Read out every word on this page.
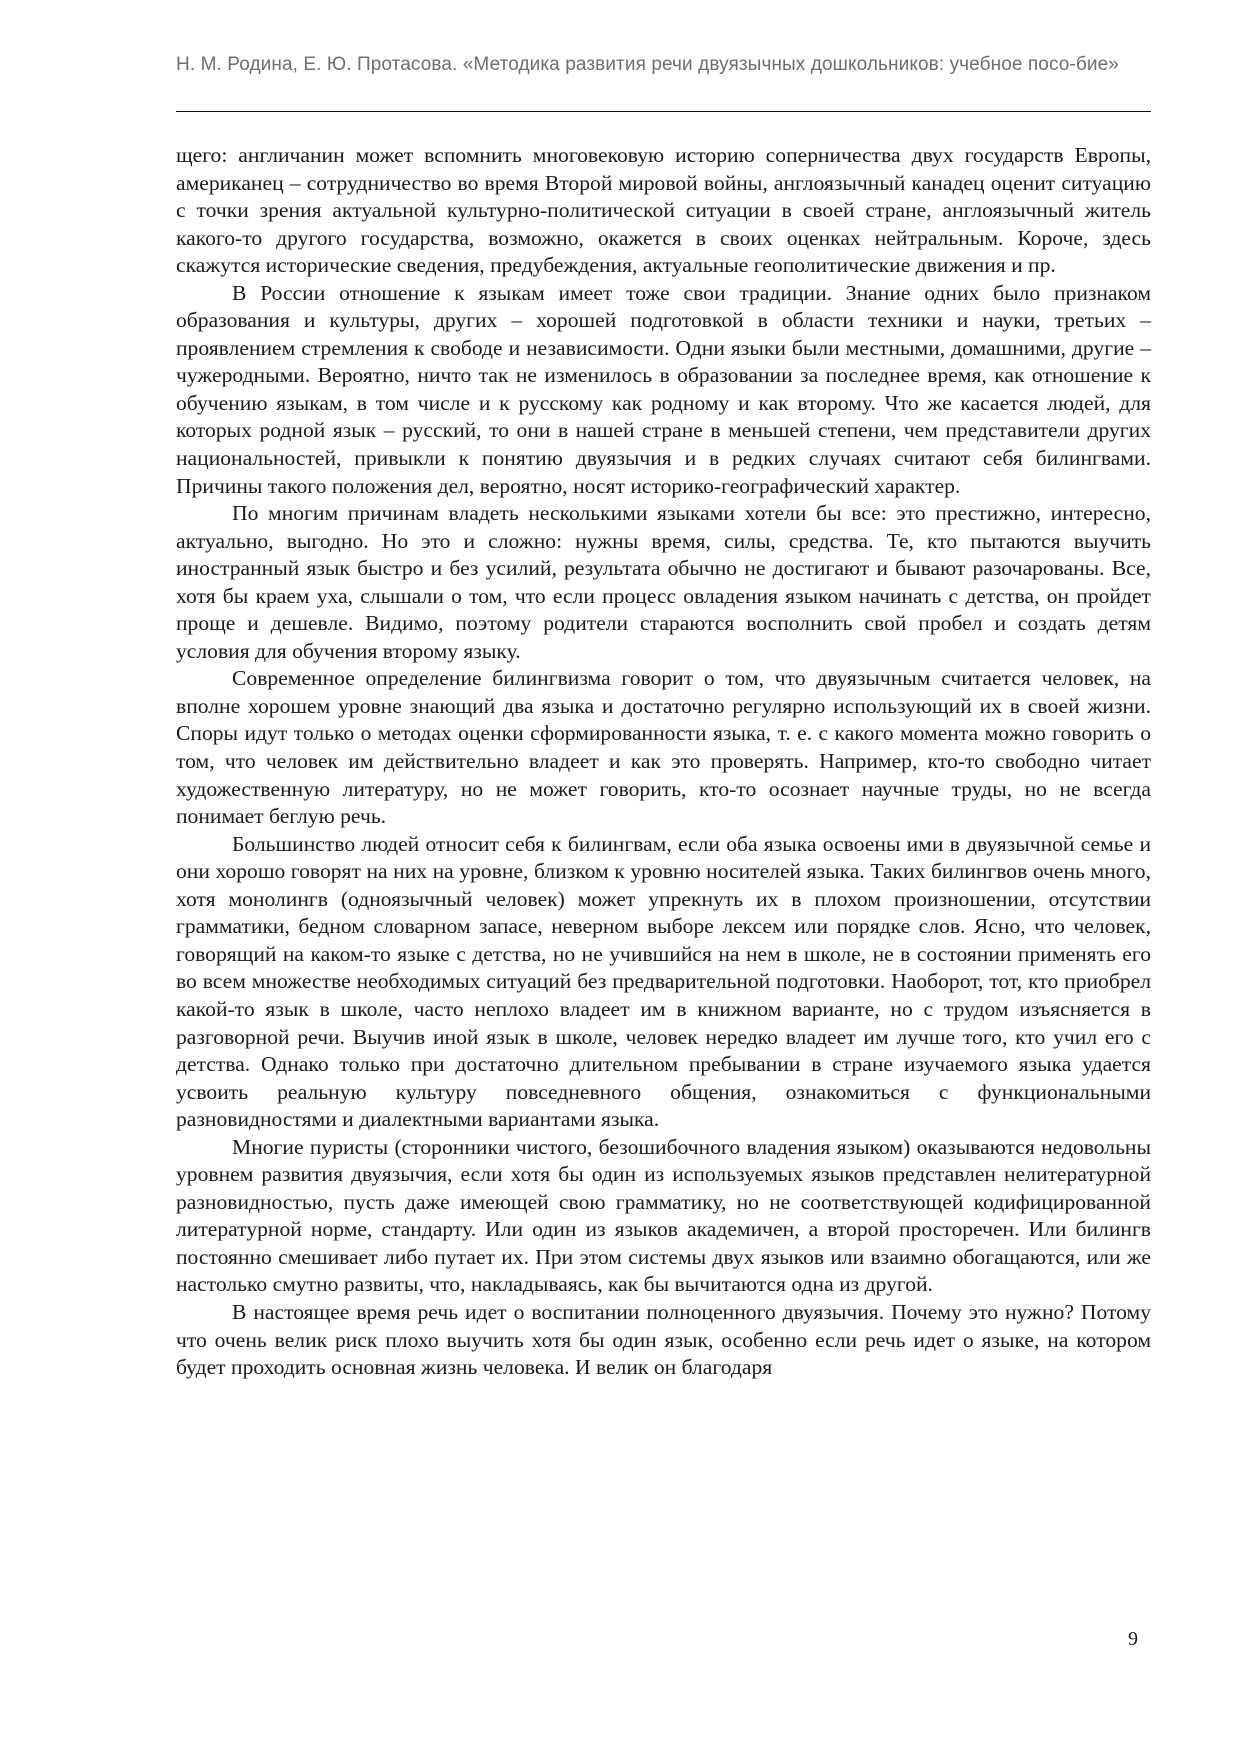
Н. М. Родина, Е. Ю. Протасова. «Методика развития речи двуязычных дошкольников: учебное посо-бие»

щего: англичанин может вспомнить многовековую историю соперничества двух государств Европы, американец – сотрудничество во время Второй мировой войны, англоязычный канадец оценит ситуацию с точки зрения актуальной культурно-политической ситуации в своей стране, англоязычный житель какого-то другого государства, возможно, окажется в своих оценках нейтральным. Короче, здесь скажутся исторические сведения, предубеждения, актуальные геополитические движения и пр.

В России отношение к языкам имеет тоже свои традиции. Знание одних было признаком образования и культуры, других – хорошей подготовкой в области техники и науки, третьих – проявлением стремления к свободе и независимости. Одни языки были местными, домашними, другие – чужеродными. Вероятно, ничто так не изменилось в образовании за последнее время, как отношение к обучению языкам, в том числе и к русскому как родному и как второму. Что же касается людей, для которых родной язык – русский, то они в нашей стране в меньшей степени, чем представители других национальностей, привыкли к понятию двуязычия и в редких случаях считают себя билингвами. Причины такого положения дел, вероятно, носят историко-географический характер.

По многим причинам владеть несколькими языками хотели бы все: это престижно, интересно, актуально, выгодно. Но это и сложно: нужны время, силы, средства. Те, кто пытаются выучить иностранный язык быстро и без усилий, результата обычно не достигают и бывают разочарованы. Все, хотя бы краем уха, слышали о том, что если процесс овладения языком начинать с детства, он пройдет проще и дешевле. Видимо, поэтому родители стараются восполнить свой пробел и создать детям условия для обучения второму языку.

Современное определение билингвизма говорит о том, что двуязычным считается человек, на вполне хорошем уровне знающий два языка и достаточно регулярно использующий их в своей жизни. Споры идут только о методах оценки сформированности языка, т. е. с какого момента можно говорить о том, что человек им действительно владеет и как это проверять. Например, кто-то свободно читает художественную литературу, но не может говорить, кто-то осознает научные труды, но не всегда понимает беглую речь.

Большинство людей относит себя к билингвам, если оба языка освоены ими в двуязычной семье и они хорошо говорят на них на уровне, близком к уровню носителей языка. Таких билингвов очень много, хотя монолингв (одноязычный человек) может упрекнуть их в плохом произношении, отсутствии грамматики, бедном словарном запасе, неверном выборе лексем или порядке слов. Ясно, что человек, говорящий на каком-то языке с детства, но не учившийся на нем в школе, не в состоянии применять его во всем множестве необходимых ситуаций без предварительной подготовки. Наоборот, тот, кто приобрел какой-то язык в школе, часто неплохо владеет им в книжном варианте, но с трудом изъясняется в разговорной речи. Выучив иной язык в школе, человек нередко владеет им лучше того, кто учил его с детства. Однако только при достаточно длительном пребывании в стране изучаемого языка удается усвоить реальную культуру повседневного общения, ознакомиться с функциональными разновидностями и диалектными вариантами языка.

Многие пуристы (сторонники чистого, безошибочного владения языком) оказываются недовольны уровнем развития двуязычия, если хотя бы один из используемых языков представлен нелитературной разновидностью, пусть даже имеющей свою грамматику, но не соответствующей кодифицированной литературной норме, стандарту. Или один из языков академичен, а второй просторечен. Или билингв постоянно смешивает либо путает их. При этом системы двух языков или взаимно обогащаются, или же настолько смутно развиты, что, накладываясь, как бы вычитаются одна из другой.

В настоящее время речь идет о воспитании полноценного двуязычия. Почему это нужно? Потому что очень велик риск плохо выучить хотя бы один язык, особенно если речь идет о языке, на котором будет проходить основная жизнь человека. И велик он благодаря

9
